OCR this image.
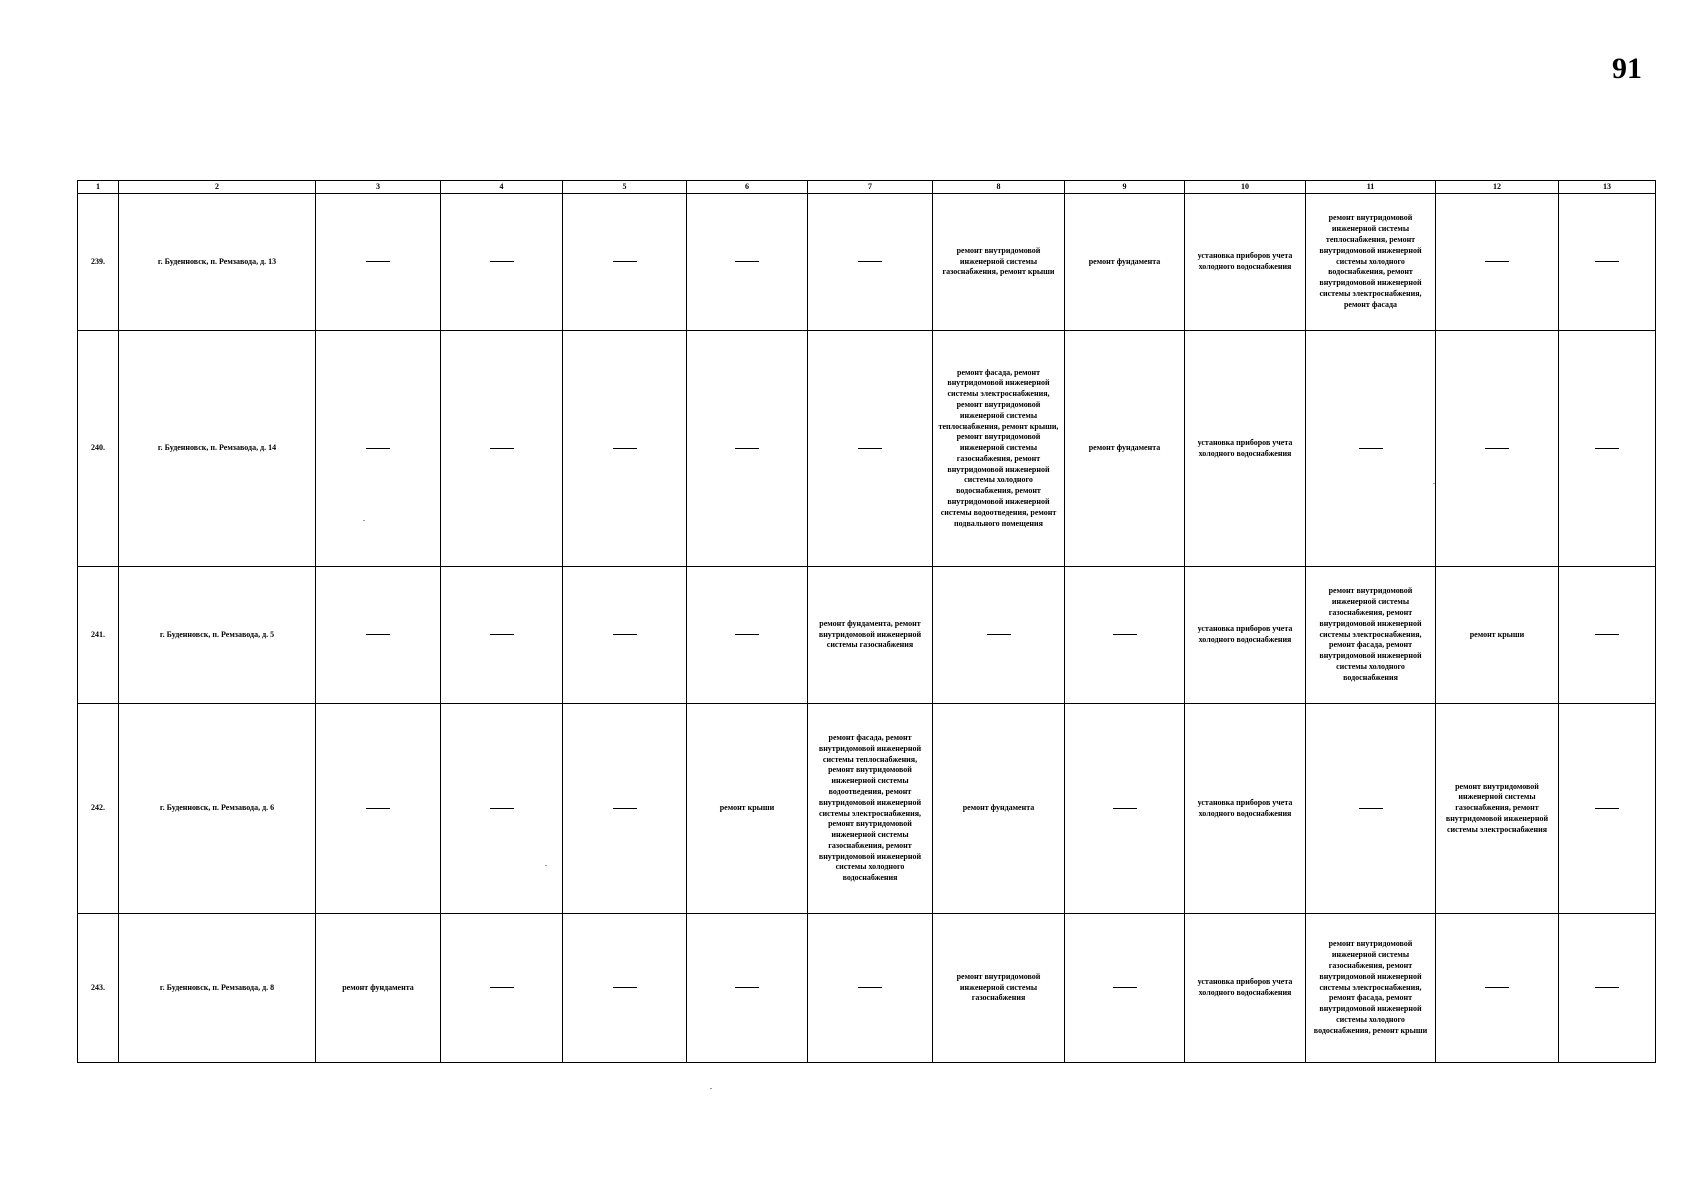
91
1	2	3	4	5	6	7	8	9	10	11	12	13
239.	г. Буденновск, п. Ремзавода, д. 13						ремонт внутридомовой инженерной системы газоснабжения, ремонт крыши	ремонт фундамента	установка приборов учета холодного водоснабжения	ремонт внутридомовой инженерной системы теплоснабжения, ремонт внутридомовой инженерной системы холодного водоснабжения, ремонт внутридомовой инженерной системы электроснабжения, ремонт фасада		
240.	г. Буденновск, п. Ремзавода, д. 14						ремонт фасада, ремонт внутридомовой инженерной системы электроснабжения, ремонт внутридомовой инженерной системы теплоснабжения, ремонт крыши, ремонт внутридомовой инженерной системы газоснабжения, ремонт внутридомовой инженерной системы холодного водоснабжения, ремонт внутридомовой инженерной системы водоотведения, ремонт подвального помещения	ремонт фундамента	установка приборов учета холодного водоснабжения			
241.	г. Буденновск, п. Ремзавода, д. 5					ремонт фундамента, ремонт внутридомовой инженерной системы газоснабжения			установка приборов учета холодного водоснабжения	ремонт внутридомовой инженерной системы газоснабжения, ремонт внутридомовой инженерной системы электроснабжения, ремонт фасада, ремонт внутридомовой инженерной системы холодного водоснабжения	ремонт крыши	
242.	г. Буденновск, п. Ремзавода, д. 6				ремонт крыши	ремонт фасада, ремонт внутридомовой инженерной системы теплоснабжения, ремонт внутридомовой инженерной системы водоотведения, ремонт внутридомовой инженерной системы электроснабжения, ремонт внутридомовой инженерной системы газоснабжения, ремонт внутридомовой инженерной системы холодного водоснабжения	ремонт фундамента		установка приборов учета холодного водоснабжения		ремонт внутридомовой инженерной системы газоснабжения, ремонт внутридомовой инженерной системы электроснабжения	
243.	г. Буденновск, п. Ремзавода, д. 8	ремонт фундамента					ремонт внутридомовой инженерной системы газоснабжения		установка приборов учета холодного водоснабжения	ремонт внутридомовой инженерной системы газоснабжения, ремонт внутридомовой инженерной системы электроснабжения, ремонт фасада, ремонт внутридомовой инженерной системы холодного водоснабжения, ремонт крыши		
